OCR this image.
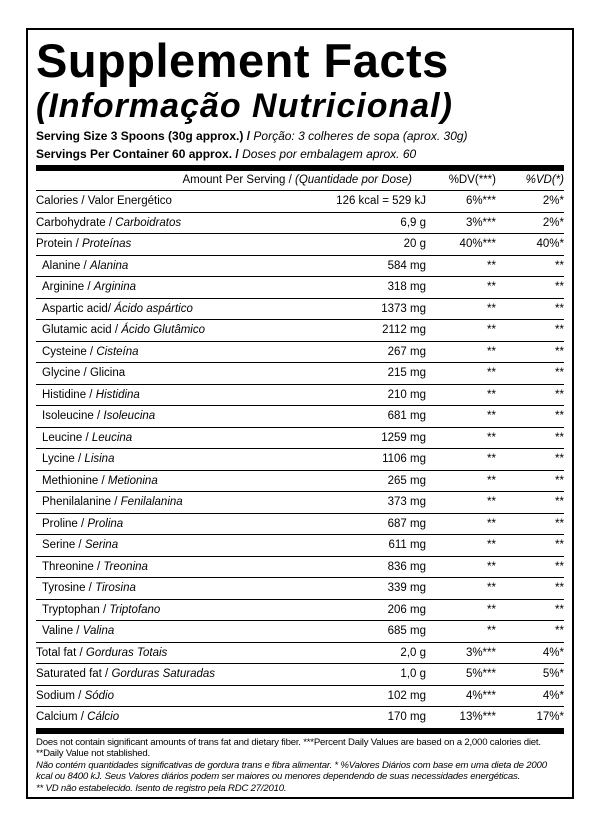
Supplement Facts
(Informação Nutricional)
Serving Size 3 Spoons (30g approx.) / Porção: 3 colheres de sopa (aprox. 30g)
Servings Per Container 60 approx. / Doses por embalagem aprox. 60
Amount Per Serving / (Quantidade por Dose)	%DV(***)	%VD(*)
Calories / Valor Energético	126 kcal = 529 kJ	6%***	2%*
Carbohydrate / Carboidratos	6,9 g	3%***	2%*
Protein / Proteínas	20 g	40%***	40%*
Alanine / Alanina	584 mg	**	**
Arginine / Arginina	318 mg	**	**
Aspartic acid/ Ácido aspártico	1373 mg	**	**
Glutamic acid / Ácido Glutâmico	2112 mg	**	**
Cysteine / Cisteína	267 mg	**	**
Glycine / Glicina	215 mg	**	**
Histidine / Histidina	210 mg	**	**
Isoleucine / Isoleucina	681 mg	**	**
Leucine / Leucina	1259 mg	**	**
Lycine / Lisina	1106 mg	**	**
Methionine / Metionina	265 mg	**	**
Phenilalanine / Fenilalanina	373 mg	**	**
Proline / Prolina	687 mg	**	**
Serine / Serina	611 mg	**	**
Threonine / Treonina	836 mg	**	**
Tyrosine / Tirosina	339 mg	**	**
Tryptophan / Triptofano	206 mg	**	**
Valine / Valina	685 mg	**	**
Total fat / Gorduras Totais	2,0 g	3%***	4%*
Saturated fat / Gorduras Saturadas	1,0 g	5%***	5%*
Sodium / Sódio	102 mg	4%***	4%*
Calcium / Cálcio	170 mg	13%***	17%*
Does not contain significant amounts of trans fat and dietary fiber. ***Percent Daily Values are based on a 2,000 calories diet.
**Daily Value not stablished.
Não contém quantidades significativas de gordura trans e fibra alimentar. * %Valores Diários com base em uma dieta de 2000 kcal ou 8400 kJ. Seus Valores diários podem ser maiores ou menores dependendo de suas necessidades energéticas.
** VD não estabelecido. Isento de registro pela RDC 27/2010.
